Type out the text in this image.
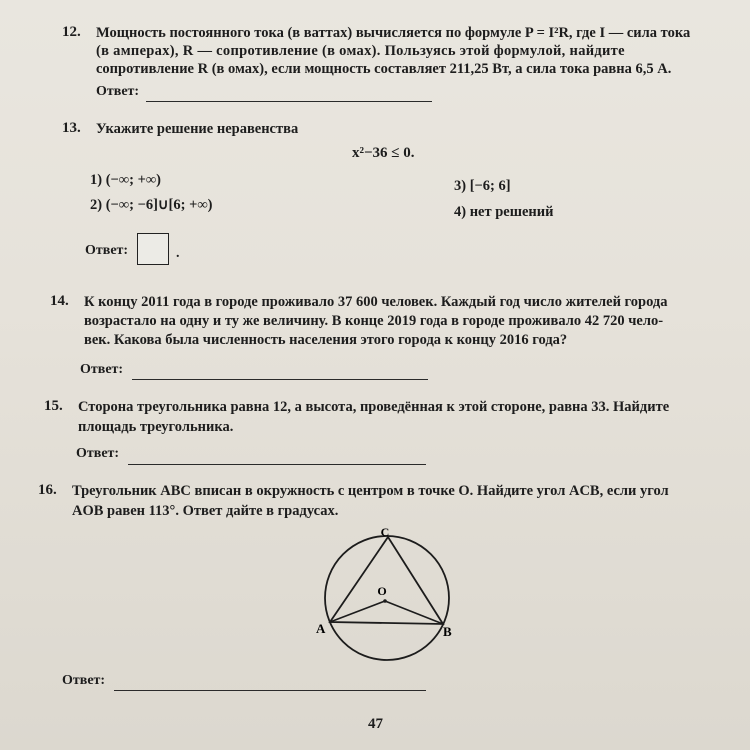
12. Мощность постоянного тока (в ваттах) вычисляется по формуле P = I²R, где I — сила тока
(в амперах), R — сопротивление (в омах). Пользуясь этой формулой, найдите
сопротивление R (в омах), если мощность составляет 211,25 Вт, а сила тока равна 6,5 А.
Ответ:
13. Укажите решение неравенства
x²−36 ≤ 0.
1) (−∞; +∞)
2) (−∞; −6]∪[6; +∞)
3) [−6; 6]
4) нет решений
Ответ:	.
14. К концу 2011 года в городе проживало 37 600 человек. Каждый год число жителей города
возрастало на одну и ту же величину. В конце 2019 года в городе проживало 42 720 чело-
век. Какова была численность населения этого города к концу 2016 года?
Ответ:
15. Сторона треугольника равна 12, а высота, проведённая к этой стороне, равна 33. Найдите
площадь треугольника.
Ответ:
16. Треугольник ABC вписан в окружность с центром в точке O. Найдите угол ACB, если угол
AOB равен 113°. Ответ дайте в градусах.
C
O
A	B
Ответ:
47
